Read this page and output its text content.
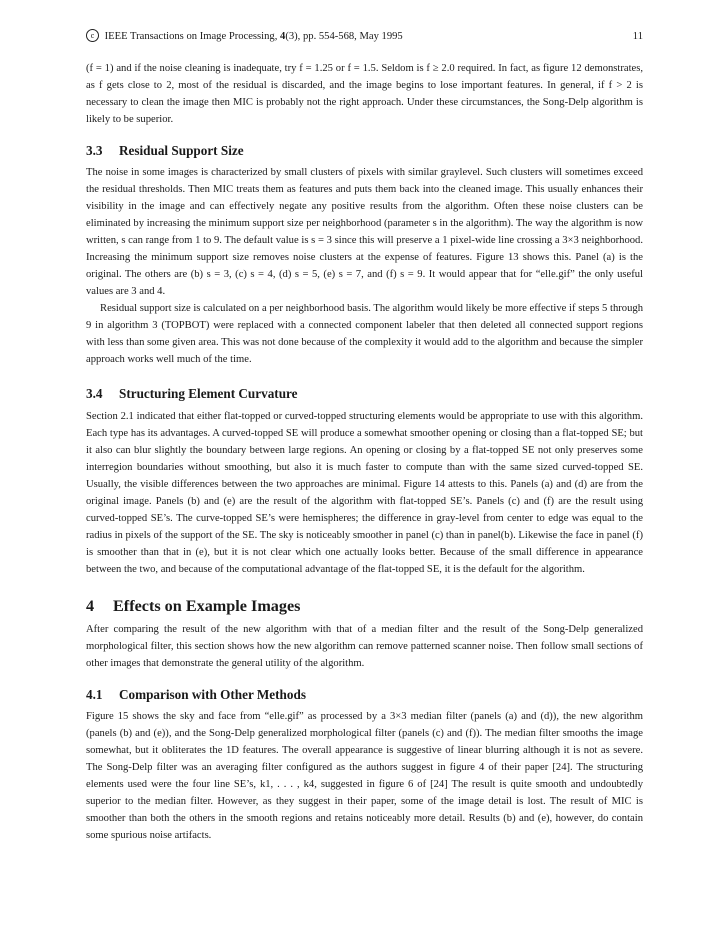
c IEEE Transactions on Image Processing, 4(3), pp. 554-568, May 1995	11

(f = 1) and if the noise cleaning is inadequate, try f = 1.25 or f = 1.5. Seldom is f ≥ 2.0 required. In fact, as figure 12 demonstrates, as f gets close to 2, most of the residual is discarded, and the image begins to lose important features. In general, if f > 2 is necessary to clean the image then MIC is probably not the right approach. Under these circumstances, the Song-Delp algorithm is likely to be superior.

3.3 Residual Support Size

The noise in some images is characterized by small clusters of pixels with similar graylevel. Such clusters will sometimes exceed the residual thresholds. Then MIC treats them as features and puts them back into the cleaned image. This usually enhances their visibility in the image and can effectively negate any positive results from the algorithm. Often these noise clusters can be eliminated by increasing the minimum support size per neighborhood (parameter s in the algorithm). The way the algorithm is now written, s can range from 1 to 9. The default value is s = 3 since this will preserve a 1 pixel-wide line crossing a 3×3 neighborhood. Increasing the minimum support size removes noise clusters at the expense of features. Figure 13 shows this. Panel (a) is the original. The others are (b) s = 3, (c) s = 4, (d) s = 5, (e) s = 7, and (f) s = 9. It would appear that for “elle.gif” the only useful values are 3 and 4.

Residual support size is calculated on a per neighborhood basis. The algorithm would likely be more effective if steps 5 through 9 in algorithm 3 (TOPBOT) were replaced with a connected component labeler that then deleted all connected support regions with less than some given area. This was not done because of the complexity it would add to the algorithm and because the simpler approach works well much of the time.

3.4 Structuring Element Curvature

Section 2.1 indicated that either flat-topped or curved-topped structuring elements would be appropriate to use with this algorithm. Each type has its advantages. A curved-topped SE will produce a somewhat smoother opening or closing than a flat-topped SE; but it also can blur slightly the boundary between large regions. An opening or closing by a flat-topped SE not only preserves some interregion boundaries without smoothing, but also it is much faster to compute than with the same sized curved-topped SE. Usually, the visible differences between the two approaches are minimal. Figure 14 attests to this. Panels (a) and (d) are from the original image. Panels (b) and (e) are the result of the algorithm with flat-topped SE’s. Panels (c) and (f) are the result using curved-topped SE’s. The curve-topped SE’s were hemispheres; the difference in gray-level from center to edge was equal to the radius in pixels of the support of the SE. The sky is noticeably smoother in panel (c) than in panel(b). Likewise the face in panel (f) is smoother than that in (e), but it is not clear which one actually looks better. Because of the small difference in appearance between the two, and because of the computational advantage of the flat-topped SE, it is the default for the algorithm.

4 Effects on Example Images

After comparing the result of the new algorithm with that of a median filter and the result of the Song-Delp generalized morphological filter, this section shows how the new algorithm can remove patterned scanner noise. Then follow small sections of other images that demonstrate the general utility of the algorithm.

4.1 Comparison with Other Methods

Figure 15 shows the sky and face from “elle.gif” as processed by a 3×3 median filter (panels (a) and (d)), the new algorithm (panels (b) and (e)), and the Song-Delp generalized morphological filter (panels (c) and (f)). The median filter smooths the image somewhat, but it obliterates the 1D features. The overall appearance is suggestive of linear blurring although it is not as severe. The Song-Delp filter was an averaging filter configured as the authors suggest in figure 4 of their paper [24]. The structuring elements used were the four line SE’s, k1, . . . , k4, suggested in figure 6 of [24] The result is quite smooth and undoubtedly superior to the median filter. However, as they suggest in their paper, some of the image detail is lost. The result of MIC is smoother than both the others in the smooth regions and retains noticeably more detail. Results (b) and (e), however, do contain some spurious noise artifacts.
